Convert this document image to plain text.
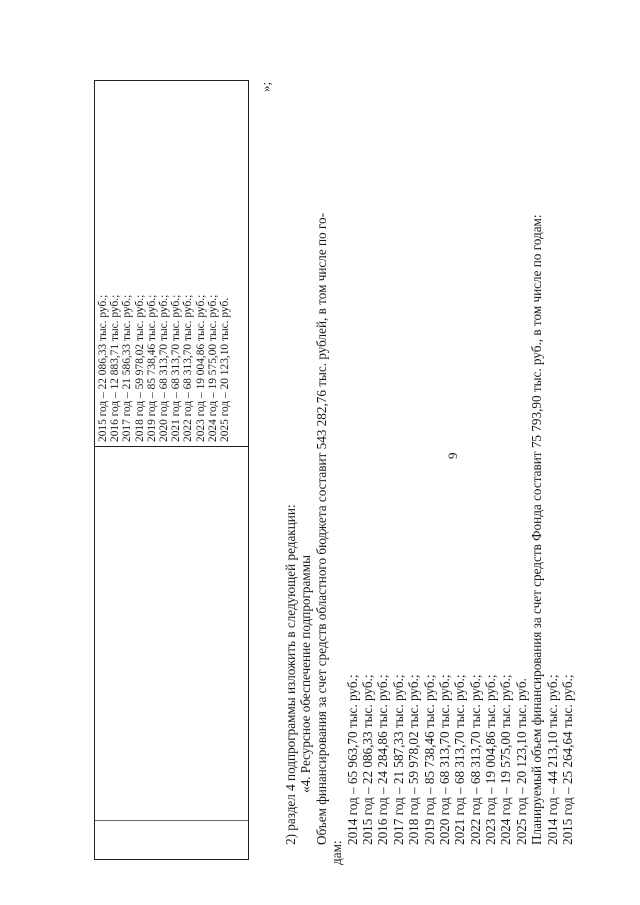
9
2015 год – 22 086,33 тыс. руб.; 2016 год – 12 883,71 тыс. руб.; 2017 год – 21 586,33 тыс. руб.; 2018 год – 59 978,02 тыс. руб.; 2019 год – 85 738,46 тыс. руб.; 2020 год – 68 313,70 тыс. руб.; 2021 год – 68 313,70 тыс. руб.; 2022 год – 68 313,70 тыс. руб.; 2023 год – 19 004,86 тыс. руб.; 2024 год – 19 575,00 тыс. руб.; 2025 год – 20 123,10 тыс. руб.
»;
2) раздел 4 подпрограммы изложить в следующей редакции: «4. Ресурсное обеспечение подпрограммы Объем финансирования за счет средств областного бюджета составит 543 282,76 тыс. рублей, в том числе по го-
дам:
2014 год – 65 963,70 тыс. руб.; 2015 год – 22 086,33 тыс. руб.; 2016 год – 24 284,86 тыс. руб.; 2017 год – 21 587,33 тыс. руб.; 2018 год – 59 978,02 тыс. руб.; 2019 год – 85 738,46 тыс. руб.; 2020 год – 68 313,70 тыс. руб.; 2021 год – 68 313,70 тыс. руб.; 2022 год – 68 313,70 тыс. руб.; 2023 год – 19 004,86 тыс. руб.; 2024 год – 19 575,00 тыс. руб.; 2025 год – 20 123,10 тыс. руб. Планируемый объем финансирования за счет средств Фонда составит 75 793,90 тыс. руб., в том числе по годам: 2014 год – 44 213,10 тыс. руб.; 2015 год – 25 264,64 тыс. руб.;
